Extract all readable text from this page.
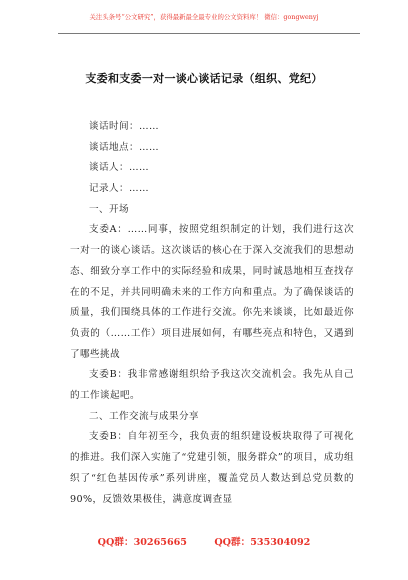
关注头条号“公文研究”，获得最新最全最专业的公文资料库！ 微信：gongwenyj
支委和支委一对一谈心谈话记录（组织、党纪）
谈话时间：……
谈话地点：……
谈话人：……
记录人：……
一、开场

支委A：……同事，按照党组织制定的计划，我们进行这次一对一的谈心谈话。这次谈话的核心在于深入交流我们的思想动态、细致分享工作中的实际经验和成果，同时诚恳地相互查找存在的不足，并共同明确未来的工作方向和重点。为了确保谈话的质量，我们围绕具体的工作进行交流。你先来谈谈，比如最近你负责的（……工作）项目进展如何，有哪些亮点和特色，又遇到了哪些挑战

支委B：我非常感谢组织给予我这次交流机会。我先从自己的工作谈起吧。

二、工作交流与成果分享

支委B：自年初至今，我负责的组织建设板块取得了可视化的推进。我们深入实施了“党建引领，服务群众”的项目，成功组织了“红色基因传承”系列讲座，覆盖党员人数达到总党员数的90%，反馈效果极佳，满意度调查显

QQ群：30265665	QQ群：535304092
